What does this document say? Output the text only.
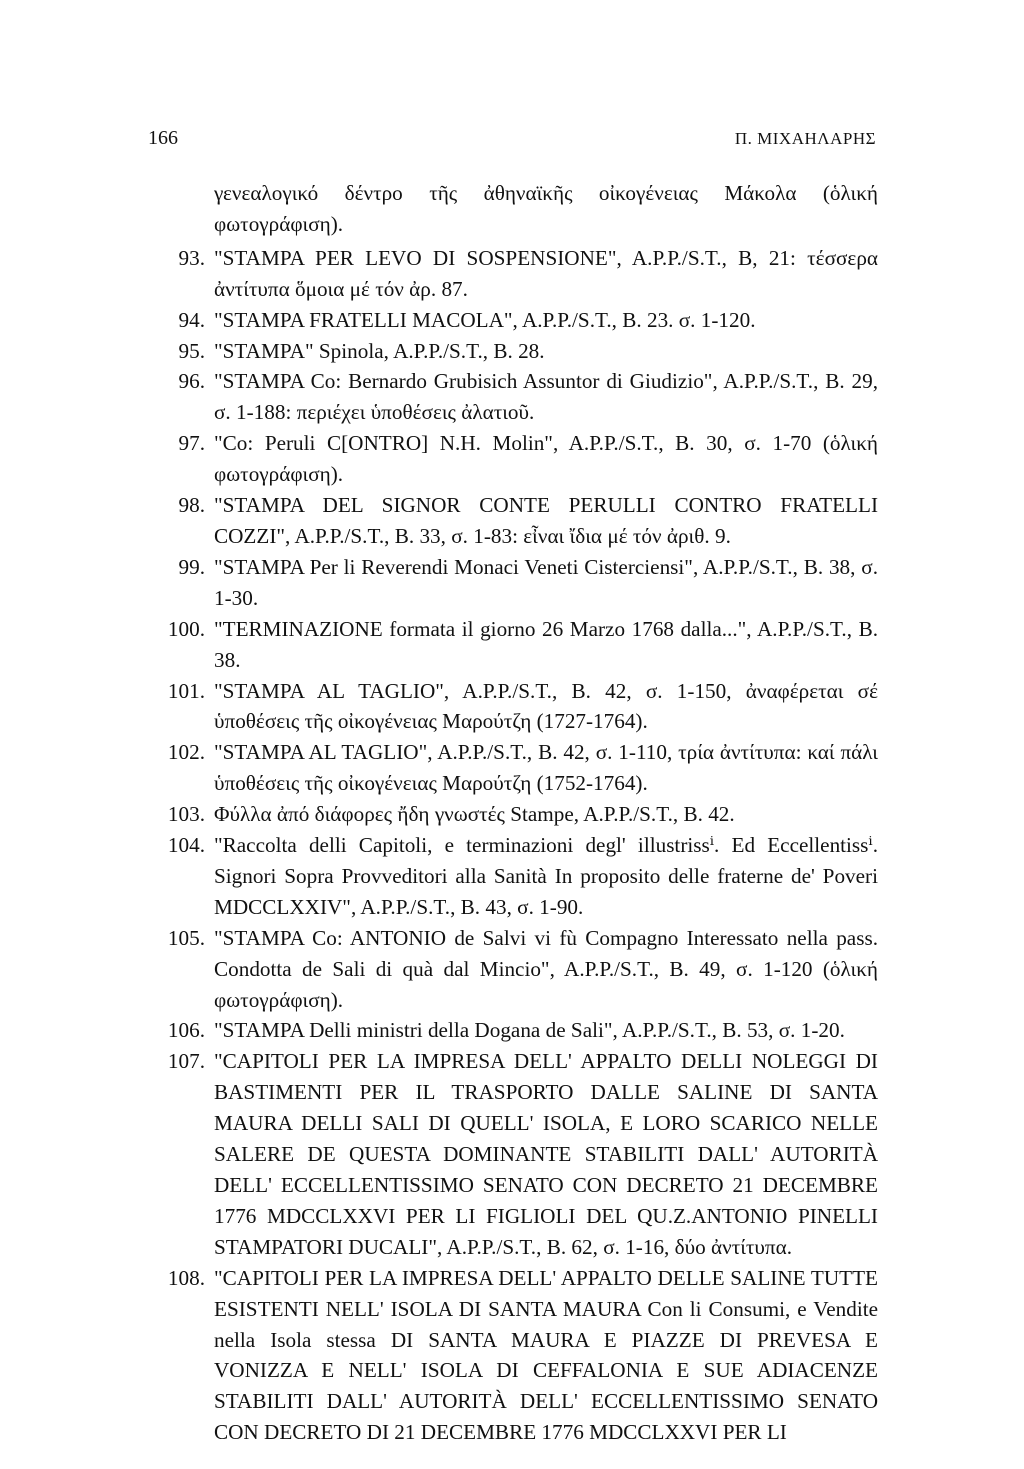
166	Π. ΜΙΧΑΗΛΑΡΗΣ

γενεαλογικό δέντρο τῆς ἀθηναϊκῆς οἰκογένειας Μάκολα (ὁλική φωτογράφιση).

93. "STAMPA PER LEVO DI SOSPENSIONE", A.P.P./S.T., B, 21: τέσσερα ἀντίτυπα ὅμοια μέ τόν ἀρ. 87.
94. "STAMPA FRATELLI MACOLA", A.P.P./S.T., B. 23. σ. 1-120.
95. "STAMPA" Spinola, A.P.P./S.T., B. 28.
96. "STAMPA Co: Bernardo Grubisich Assuntor di Giudizio", A.P.P./S.T., B. 29, σ. 1-188: περιέχει ὑποθέσεις ἀλατιοῦ.
97. "Co: Peruli C[ONTRO] N.H. Molin", A.P.P./S.T., B. 30, σ. 1-70 (ὁλική φωτογράφιση).
98. "STAMPA DEL SIGNOR CONTE PERULLI CONTRO FRATELLI COZZI", A.P.P./S.T., B. 33, σ. 1-83: εἶναι ἴδια μέ τόν ἀριθ. 9.
99. "STAMPA Per li Reverendi Monaci Veneti Cisterciensi", A.P.P./S.T., B. 38, σ. 1-30.
100. "TERMINAZIONE formata il giorno 26 Marzo 1768 dalla...", A.P.P./S.T., B. 38.
101. "STAMPA AL TAGLIO", A.P.P./S.T., B. 42, σ. 1-150, ἀναφέρεται σέ ὑποθέσεις τῆς οἰκογένειας Μαρούτζη (1727-1764).
102. "STAMPA AL TAGLIO", A.P.P./S.T., B. 42, σ. 1-110, τρία ἀντίτυπα: καί πάλι ὑποθέσεις τῆς οἰκογένειας Μαρούτζη (1752-1764).
103. Φύλλα ἀπό διάφορες ἤδη γνωστές Stampe, A.P.P./S.T., B. 42.
104. "Raccolta delli Capitoli, e terminazioni degl' illustrissⁱ. Ed Eccellentissⁱ. Signori Sopra Provveditori alla Sanità In proposito delle fraterne de' Poveri MDCCLXXIV", A.P.P./S.T., B. 43, σ. 1-90.
105. "STAMPA Co: ANTONIO de Salvi vi fù Compagno Interessato nella pass. Condotta de Sali di quà dal Mincio", A.P.P./S.T., B. 49, σ. 1-120 (ὁλική φωτογράφιση).
106. "STAMPA Delli ministri della Dogana de Sali", A.P.P./S.T., B. 53, σ. 1-20.
107. "CAPITOLI PER LA IMPRESA DELL' APPALTO DELLI NOLEGGI DI BASTIMENTI PER IL TRASPORTO DALLE SALINE DI SANTA MAURA DELLI SALI DI QUELL' ISOLA, E LORO SCARICO NELLE SALERE DE QUESTA DOMINANTE STABILITI DALL' AUTORITÀ DELL' ECCELLENTISSIMO SENATO CON DECRETO 21 DECEMBRE 1776 MDCCLXXVI PER LI FIGLIOLI DEL QU.Z.ANTONIO PINELLI STAMPATORI DUCALI", A.P.P./S.T., B. 62, σ. 1-16, δύο ἀντίτυπα.
108. "CAPITOLI PER LA IMPRESA DELL' APPALTO DELLE SALINE TUTTE ESISTENTI NELL' ISOLA DI SANTA MAURA Con li Consumi, e Vendite nella Isola stessa DI SANTA MAURA E PIAZZE DI PREVESA E VONIZZA E NELL' ISOLA DI CEFFALONIA E SUE ADIACENZE STABILITI DALL' AUTORITÀ DELL' ECCELLENTISSIMO SENATO CON DECRETO DI 21 DECEMBRE 1776 MDCCLXXVI PER LI
